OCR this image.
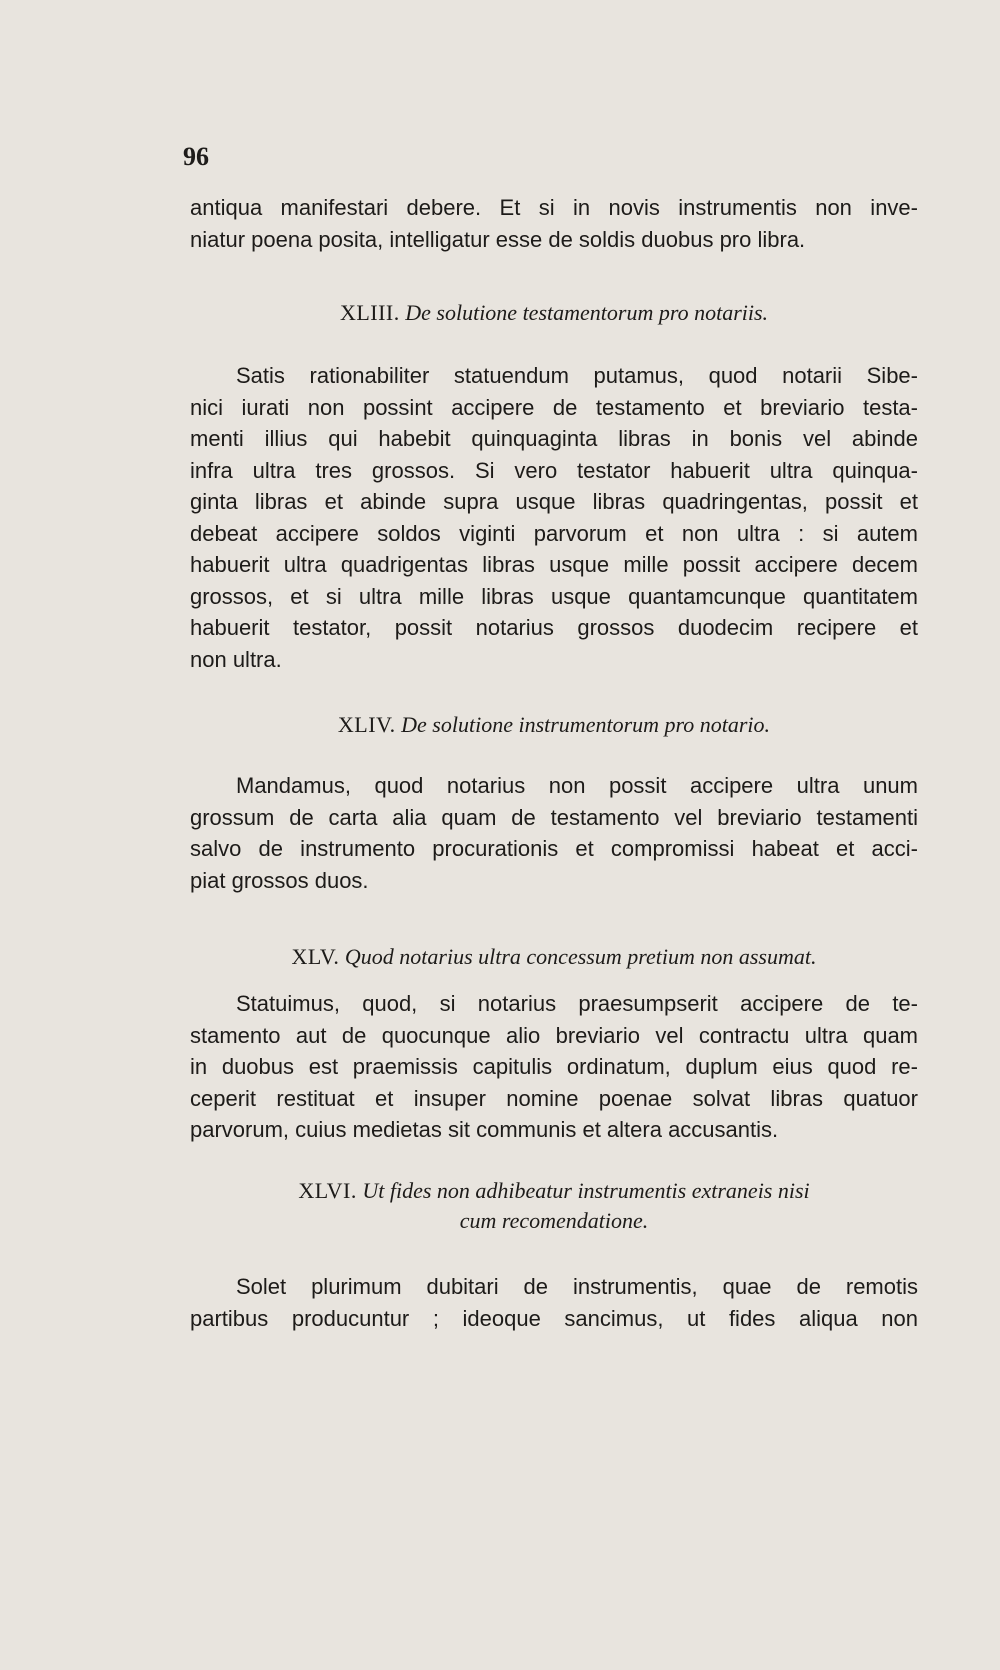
96
antiqua manifestari debere. Et si in novis instrumentis non inve-
niatur poena posita, intelligatur esse de soldis duobus pro libra.
XLIII. De solutione testamentorum pro notariis.
Satis rationabiliter statuendum putamus, quod notarii Sibe-
nici iurati non possint accipere de testamento et breviario testa-
menti illius qui habebit quinquaginta libras in bonis vel abinde
infra ultra tres grossos. Si vero testator habuerit ultra quinqua-
ginta libras et abinde supra usque libras quadringentas, possit et
debeat accipere soldos viginti parvorum et non ultra : si autem
habuerit ultra quadrigentas libras usque mille possit accipere decem
grossos, et si ultra mille libras usque quantamcunque quantitatem
habuerit testator, possit notarius grossos duodecim recipere et
non ultra.
XLIV. De solutione instrumentorum pro notario.
Mandamus, quod notarius non possit accipere ultra unum
grossum de carta alia quam de testamento vel breviario testamenti
salvo de instrumento procurationis et compromissi habeat et acci-
piat grossos duos.
XLV. Quod notarius ultra concessum pretium non assumat.
Statuimus, quod, si notarius praesumpserit accipere de te-
stamento aut de quocunque alio breviario vel contractu ultra quam
in duobus est praemissis capitulis ordinatum, duplum eius quod re-
ceperit restituat et insuper nomine poenae solvat libras quatuor
parvorum, cuius medietas sit communis et altera accusantis.
XLVI. Ut fides non adhibeatur instrumentis extraneis nisi
cum recomendatione.
Solet plurimum dubitari de instrumentis, quae de remotis
partibus producuntur ; ideoque sancimus, ut fides aliqua non
